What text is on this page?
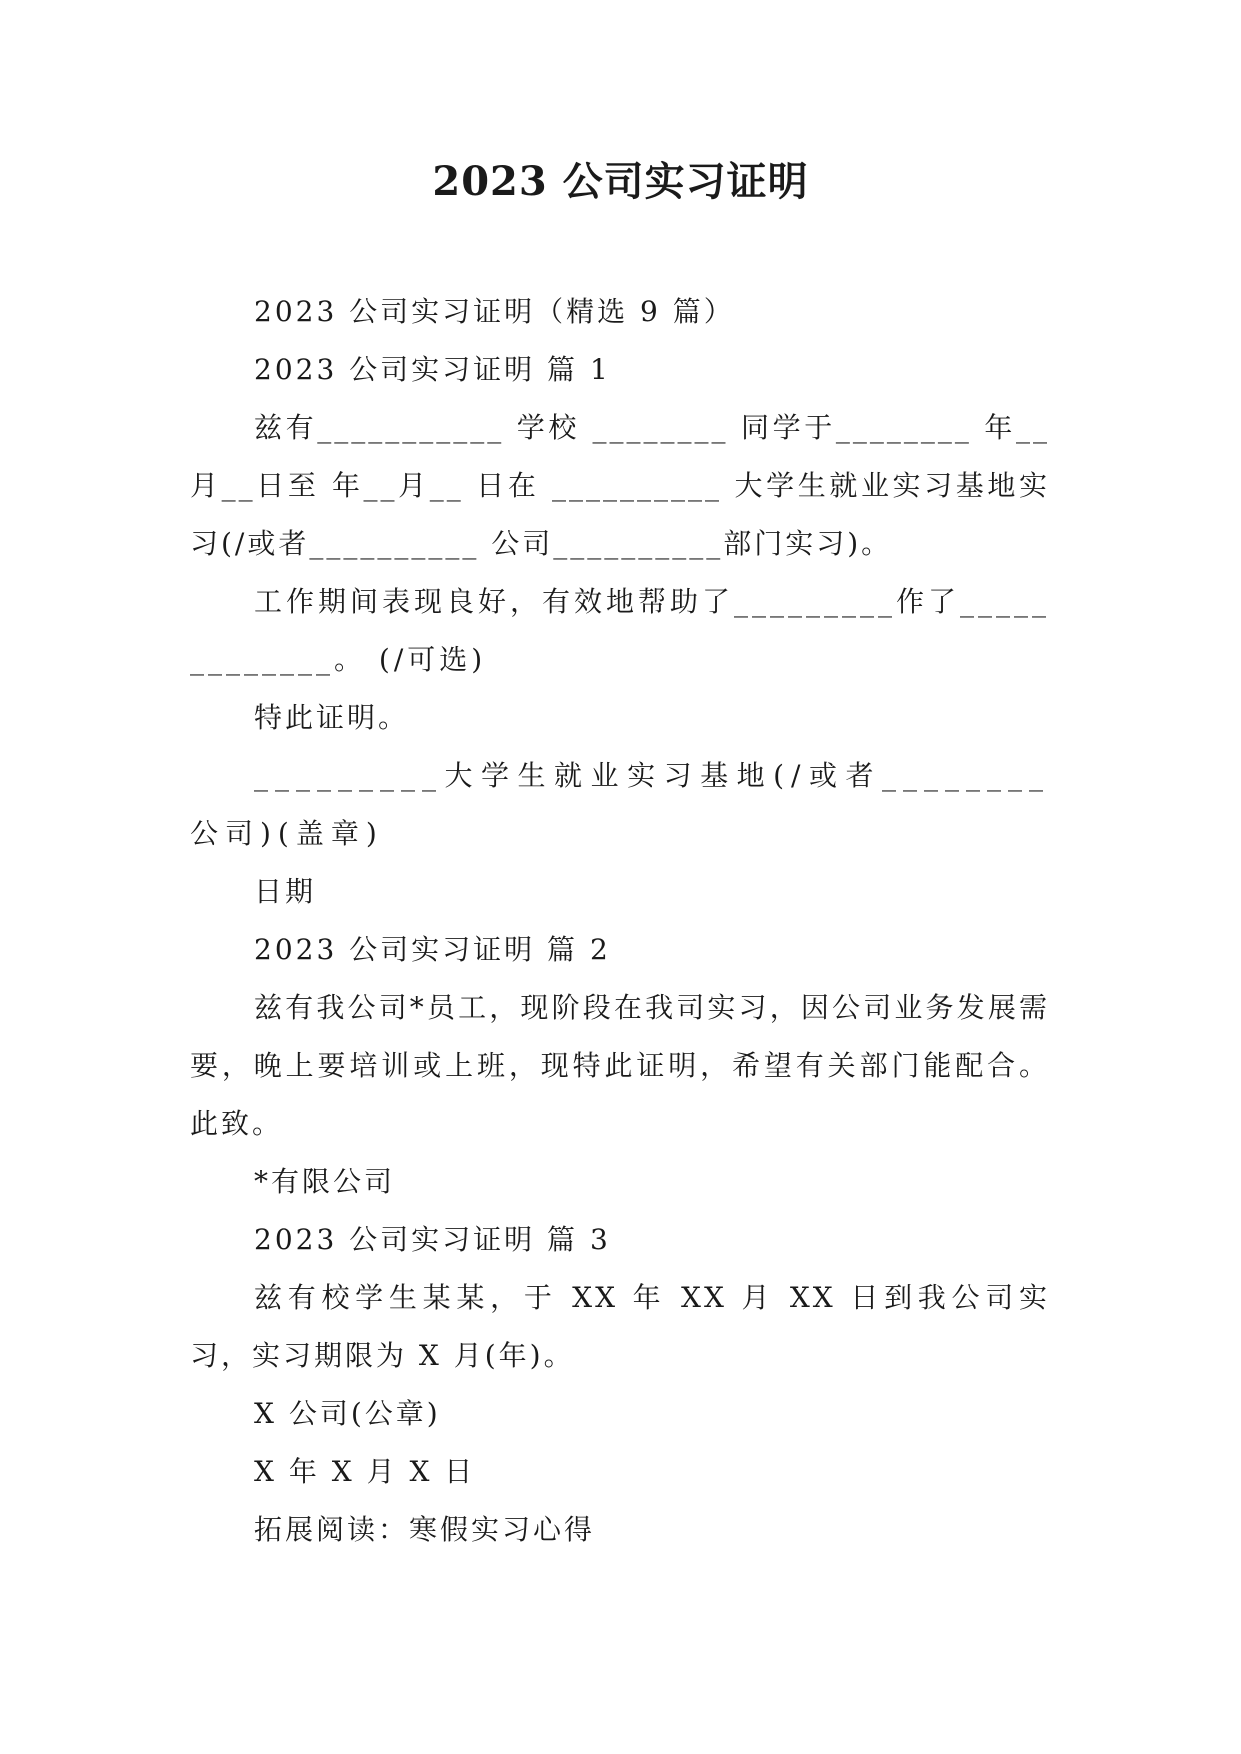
2023 公司实习证明

2023 公司实习证明（精选 9 篇）

2023 公司实习证明 篇 1

兹有___________ 学校 ________ 同学于________ 年__月__日至 年__月__ 日在 __________ 大学生就业实习基地实习(/或者__________ 公司__________部门实习)。

工作期间表现良好，有效地帮助了_________作了_____________。 (/可选)

特此证明。

_________大学生就业实习基地(/或者________公司)(盖章)

日期

2023 公司实习证明 篇 2

兹有我公司*员工，现阶段在我司实习，因公司业务发展需要，晚上要培训或上班，现特此证明，希望有关部门能配合。此致。

*有限公司

2023 公司实习证明 篇 3

兹有校学生某某，于 XX 年 XX 月 XX 日到我公司实习，实习期限为 X 月(年)。

X 公司(公章)

X 年 X 月 X 日

拓展阅读：寒假实习心得
